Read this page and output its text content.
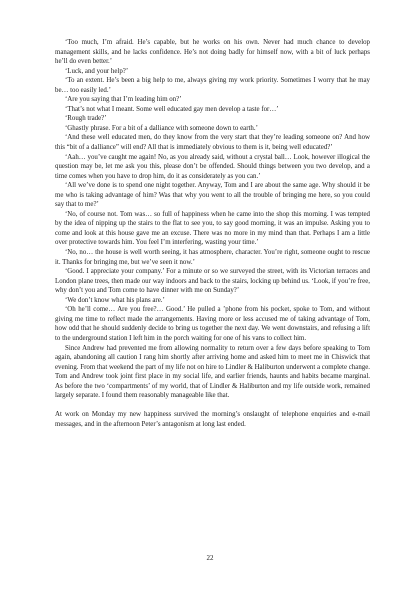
‘Too much, I’m afraid. He’s capable, but he works on his own. Never had much chance to develop management skills, and he lacks confidence. He’s not doing badly for himself now, with a bit of luck perhaps he’ll do even better.’

‘Luck, and your help?’

‘To an extent. He’s been a big help to me, always giving my work priority. Sometimes I worry that he may be… too easily led.’

‘Are you saying that I’m leading him on?’

‘That’s not what I meant. Some well educated gay men develop a taste for…’

‘Rough trade?’

‘Ghastly phrase. For a bit of a dalliance with someone down to earth.’

‘And these well educated men, do they know from the very start that they’re leading someone on? And how this “bit of a dalliance” will end? All that is immediately obvious to them is it, being well educated?’

‘Aah… you’ve caught me again! No, as you already said, without a crystal ball… Look, however illogical the question may be, let me ask you this, please don’t be offended. Should things between you two develop, and a time comes when you have to drop him, do it as considerately as you can.’

‘All we’ve done is to spend one night together. Anyway, Tom and I are about the same age. Why should it be me who is taking advantage of him? Was that why you went to all the trouble of bringing me here, so you could say that to me?’

‘No, of course not. Tom was… so full of happiness when he came into the shop this morning. I was tempted by the idea of nipping up the stairs to the flat to see you, to say good morning, it was an impulse. Asking you to come and look at this house gave me an excuse. There was no more in my mind than that. Perhaps I am a little over protective towards him. You feel I’m interfering, wasting your time.’

‘No, no… the house is well worth seeing, it has atmosphere, character. You’re right, someone ought to rescue it. Thanks for bringing me, but we’ve seen it now.’

‘Good. I appreciate your company.’ For a minute or so we surveyed the street, with its Victorian terraces and London plane trees, then made our way indoors and back to the stairs, locking up behind us. ‘Look, if you’re free, why don’t you and Tom come to have dinner with me on Sunday?’

‘We don’t know what his plans are.’

‘Oh he’ll come… Are you free?… Good.’ He pulled a ’phone from his pocket, spoke to Tom, and without giving me time to reflect made the arrangements. Having more or less accused me of taking advantage of Tom, how odd that he should suddenly decide to bring us together the next day. We went downstairs, and refusing a lift to the underground station I left him in the porch waiting for one of his vans to collect him.

Since Andrew had prevented me from allowing normality to return over a few days before speaking to Tom again, abandoning all caution I rang him shortly after arriving home and asked him to meet me in Chiswick that evening. From that weekend the part of my life not on hire to Lindler & Haliburton underwent a complete change. Tom and Andrew took joint first place in my social life, and earlier friends, haunts and habits became marginal. As before the two ‘compartments’ of my world, that of Lindler & Haliburton and my life outside work, remained largely separate. I found them reasonably manageable like that.

At work on Monday my new happiness survived the morning’s onslaught of telephone enquiries and e-mail messages, and in the afternoon Peter’s antagonism at long last ended.

22
